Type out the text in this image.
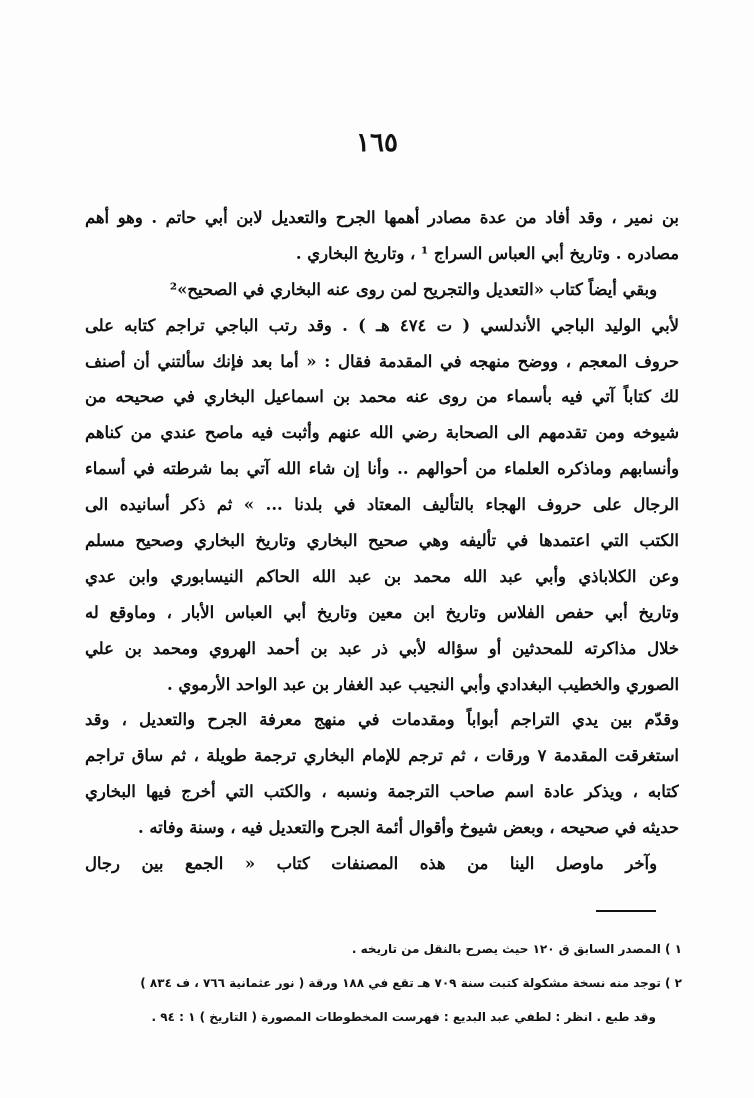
١٦٥
بن نمير ، وقد أفاد من عدة مصادر أهمها الجرح والتعديل لابن أبي حاتم . وهو أهم
مصادره . وتاريخ أبي العباس السراج ¹ ، وتاريخ البخاري .
وبقي أيضاً كتاب «التعديل والتجريح لمن روى عنه البخاري في الصحيح»²
لأبي الوليد الباجي الأندلسي ( ت ٤٧٤ هـ ) . وقد رتب الباجي تراجم كتابه على
حروف المعجم ، ووضح منهجه في المقدمة فقال : « أما بعد فإنك سألتني أن أصنف
لك كتاباً آتي فيه بأسماء من روى عنه محمد بن اسماعيل البخاري في صحيحه من
شيوخه ومن تقدمهم الى الصحابة رضي الله عنهم وأثبت فيه ماصح عندي من كناهم
وأنسابهم وماذكره العلماء من أحوالهم .. وأنا إن شاء الله آتي بما شرطته في أسماء
الرجال على حروف الهجاء بالتأليف المعتاد في بلدنا ... » ثم ذكر أسانيده الى
الكتب التي اعتمدها في تأليفه وهي صحيح البخاري وتاريخ البخاري وصحيح مسلم
وعن الكلاباذي وأبي عبد الله محمد بن عبد الله الحاكم النيسابوري وابن عدي
وتاريخ أبي حفص الفلاس وتاريخ ابن معين وتاريخ أبي العباس الأبار ، وماوقع له
خلال مذاكرته للمحدثين أو سؤاله لأبي ذر عبد بن أحمد الهروي ومحمد بن علي
الصوري والخطيب البغدادي وأبي النجيب عبد الغفار بن عبد الواحد الأرموي .
وقدّم بين يدي التراجم أبواباً ومقدمات في منهج معرفة الجرح والتعديل ، وقد
استغرقت المقدمة ٧ ورقات ، ثم ترجم للإمام البخاري ترجمة طويلة ، ثم ساق تراجم
كتابه ، ويذكر عادة اسم صاحب الترجمة ونسبه ، والكتب التي أخرج فيها البخاري
حديثه في صحيحه ، وبعض شيوخ وأقوال أئمة الجرح والتعديل فيه ، وسنة وفاته .
وآخر ماوصل الينا من هذه المصنفات كتاب « الجمع بين رجال
١ ) المصدر السابق ق ١٢٠ حيث يصرح بالنقل من تاريخه .
٢ ) توجد منه نسخة مشكولة كتبت سنة ٧٠٩ هـ تقع في ١٨٨ ورقة ( نور عثمانية ٧٦٦ ، ف ٨٣٤ )
وقد طبع . انظر : لطفي عبد البديع : فهرست المخطوطات المصورة ( التاريخ ) ١ : ٩٤ .
